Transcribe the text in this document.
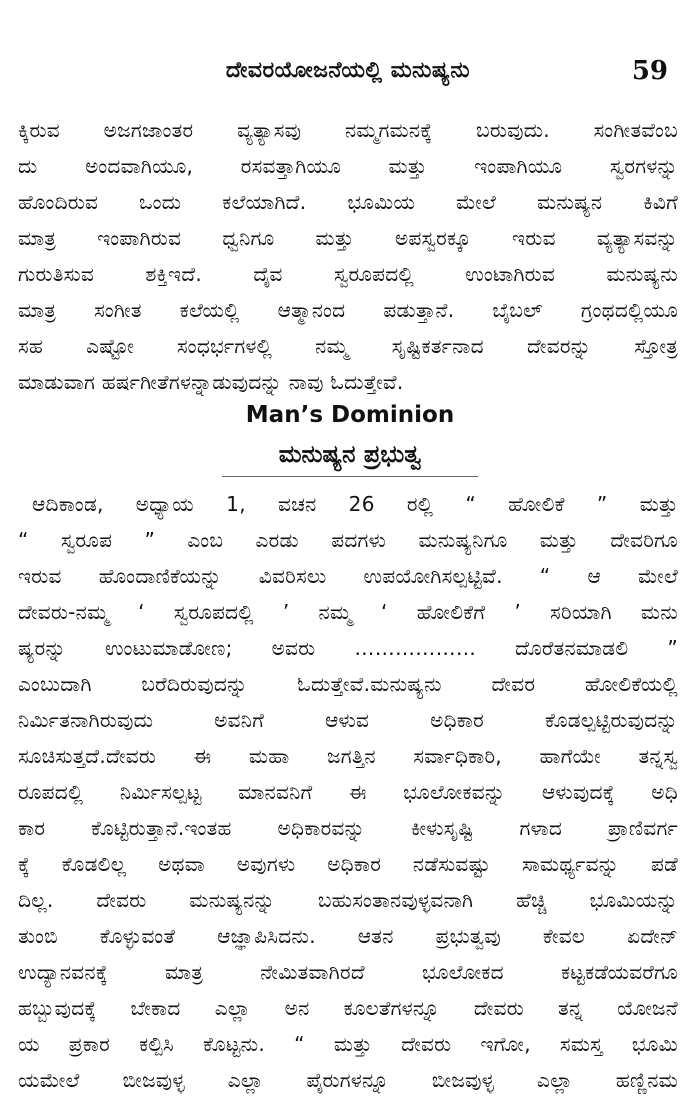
ದೇವರಯೋಜನೆಯಲ್ಲಿ ಮನುಷ್ಯನು	59

ಕ್ಕಿರುವ ಅಜಗಜಾಂತರ ವ್ಯತ್ಯಾಸವು ನಮ್ಮಗಮನಕ್ಕೆ ಬರುವುದು. ಸಂಗೀತವೆಂಬ
ದು ಅಂದವಾಗಿಯೂ, ರಸವತ್ತಾಗಿಯೂ ಮತ್ತು ಇಂಪಾಗಿಯೂ ಸ್ವರಗಳನ್ನು
ಹೊಂದಿರುವ ಒಂದು ಕಲೆಯಾಗಿದೆ. ಭೂಮಿಯ ಮೇಲೆ ಮನುಷ್ಯನ ಕಿವಿಗೆ
ಮಾತ್ರ ಇಂಪಾಗಿರುವ ಧ್ವನಿಗೂ ಮತ್ತು ಅಪಸ್ವರಕ್ಕೂ ಇರುವ ವ್ಯತ್ಯಾಸವನ್ನು
ಗುರುತಿಸುವ ಶಕ್ತಿಇದೆ. ದೈವ ಸ್ವರೂಪದಲ್ಲಿ ಉಂಟಾಗಿರುವ ಮನುಷ್ಯನು
ಮಾತ್ರ ಸಂಗೀತ ಕಲೆಯಲ್ಲಿ ಆತ್ಮಾನಂದ ಪಡುತ್ತಾನೆ. ಬೈಬಲ್ ಗ್ರಂಥದಲ್ಲಿಯೂ
ಸಹ ಎಷ್ಟೋ ಸಂಧರ್ಭಗಳಲ್ಲಿ ನಮ್ಮ ಸೃಷ್ಟಿಕರ್ತನಾದ ದೇವರನ್ನು ಸ್ತೋತ್ರ
ಮಾಡುವಾಗ ಹರ್ಷಗೀತೆಗಳನ್ನಾಡುವುದನ್ನು ನಾವು ಓದುತ್ತೇವೆ.

Man’s Dominion
ಮನುಷ್ಯನ ಪ್ರಭುತ್ವ

ಆದಿಕಾಂಡ, ಅಧ್ಯಾಯ 1, ವಚನ 26 ರಲ್ಲಿ “ ಹೋಲಿಕೆ ” ಮತ್ತು
“ ಸ್ವರೂಪ ” ಎಂಬ ಎರಡು ಪದಗಳು ಮನುಷ್ಯನಿಗೂ ಮತ್ತು ದೇವರಿಗೂ
ಇರುವ ಹೊಂದಾಣಿಕೆಯನ್ನು ವಿವರಿಸಲು ಉಪಯೋಗಿಸಲ್ಪಟ್ಟಿವೆ. “ ಆ ಮೇಲೆ
ದೇವರು-ನಮ್ಮ ‘ ಸ್ವರೂಪದಲ್ಲಿ ’ ನಮ್ಮ ‘ ಹೋಲಿಕೆಗೆ ’ ಸರಿಯಾಗಿ ಮನು
ಷ್ಯರನ್ನು ಉಂಟುಮಾಡೋಣ; ಅವರು ……………… ದೊರೆತನಮಾಡಲಿ ”
ಎಂಬುದಾಗಿ ಬರೆದಿರುವುದನ್ನು ಓದುತ್ತೇವೆ.ಮನುಷ್ಯನು ದೇವರ ಹೋಲಿಕೆಯಲ್ಲಿ
ನಿರ್ಮಿತನಾಗಿರುವುದು ಅವನಿಗೆ ಆಳುವ ಅಧಿಕಾರ ಕೊಡಲ್ಪಟ್ಟಿರುವುದನ್ನು
ಸೂಚಿಸುತ್ತದೆ.ದೇವರು ಈ ಮಹಾ ಜಗತ್ತಿನ ಸರ್ವಾಧಿಕಾರಿ, ಹಾಗೆಯೇ ತನ್ನಸ್ವ
ರೂಪದಲ್ಲಿ ನಿರ್ಮಿಸಲ್ಪಟ್ಟ ಮಾನವನಿಗೆ ಈ ಭೂಲೋಕವನ್ನು ಆಳುವುದಕ್ಕೆ ಅಧಿ
ಕಾರ ಕೊಟ್ಟಿರುತ್ತಾನೆ.ಇಂತಹ ಅಧಿಕಾರವನ್ನು ಕೀಳುಸೃಷ್ಟಿ ಗಳಾದ ಪ್ರಾಣಿವರ್ಗ
ಕ್ಕೆ ಕೊಡಲಿಲ್ಲ ಅಥವಾ ಅವುಗಳು ಅಧಿಕಾರ ನಡೆಸುವಷ್ಟು ಸಾಮರ್ಥ್ಯವನ್ನು ಪಡೆ
ದಿಲ್ಲ. ದೇವರು ಮನುಷ್ಯನನ್ನು ಬಹುಸಂತಾನವುಳ್ಳವನಾಗಿ ಹೆಚ್ಚಿ ಭೂಮಿಯನ್ನು
ತುಂಬಿ ಕೊಳ್ಳುವಂತೆ ಆಜ್ಞಾಪಿಸಿದನು. ಆತನ ಪ್ರಭುತ್ವವು ಕೇವಲ ಏದೇನ್
ಉದ್ಯಾನವನಕ್ಕೆ ಮಾತ್ರ ನೇಮಿತವಾಗಿರದೆ ಭೂಲೋಕದ ಕಟ್ಟಕಡೆಯವರೆಗೂ
ಹಬ್ಬುವುದಕ್ಕೆ ಬೇಕಾದ ಎಲ್ಲಾ ಅನ ಕೂಲತೆಗಳನ್ನೂ ದೇವರು ತನ್ನ ಯೋಜನೆ
ಯ ಪ್ರಕಾರ ಕಲ್ಪಿಸಿ ಕೊಟ್ಟನು. “ ಮತ್ತು ದೇವರು ಇಗೋ, ಸಮಸ್ತ ಭೂಮಿ
ಯಮೇಲೆ ಬೀಜವುಳ್ಳ ಎಲ್ಲಾ ಪೈರುಗಳನ್ನೂ ಬೀಜವುಳ್ಳ ಎಲ್ಲಾ ಹಣ್ಣಿನಮ
